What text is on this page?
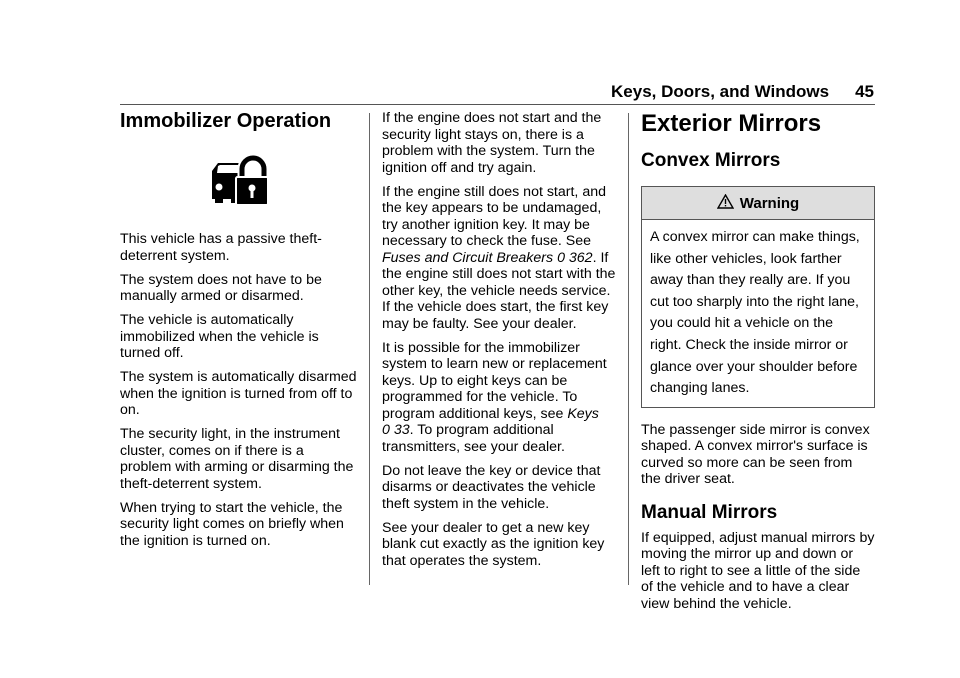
Keys, Doors, and Windows 45
Immobilizer Operation

This vehicle has a passive theft-deterrent system.

The system does not have to be manually armed or disarmed.

The vehicle is automatically immobilized when the vehicle is turned off.

The system is automatically disarmed when the ignition is turned from off to on.

The security light, in the instrument cluster, comes on if there is a problem with arming or disarming the theft-deterrent system.

When trying to start the vehicle, the security light comes on briefly when the ignition is turned on.

If the engine does not start and the security light stays on, there is a problem with the system. Turn the ignition off and try again.

If the engine still does not start, and the key appears to be undamaged, try another ignition key. It may be necessary to check the fuse. See Fuses and Circuit Breakers 0 362. If the engine still does not start with the other key, the vehicle needs service. If the vehicle does start, the first key may be faulty. See your dealer.

It is possible for the immobilizer system to learn new or replacement keys. Up to eight keys can be programmed for the vehicle. To program additional keys, see Keys
0 33. To program additional transmitters, see your dealer.

Do not leave the key or device that disarms or deactivates the vehicle theft system in the vehicle.

See your dealer to get a new key blank cut exactly as the ignition key that operates the system.

Exterior Mirrors
Convex Mirrors
Warning
A convex mirror can make things, like other vehicles, look farther away than they really are. If you cut too sharply into the right lane, you could hit a vehicle on the right. Check the inside mirror or glance over your shoulder before changing lanes.

The passenger side mirror is convex shaped. A convex mirror's surface is curved so more can be seen from the driver seat.

Manual Mirrors

If equipped, adjust manual mirrors by moving the mirror up and down or left to right to see a little of the side of the vehicle and to have a clear view behind the vehicle.
